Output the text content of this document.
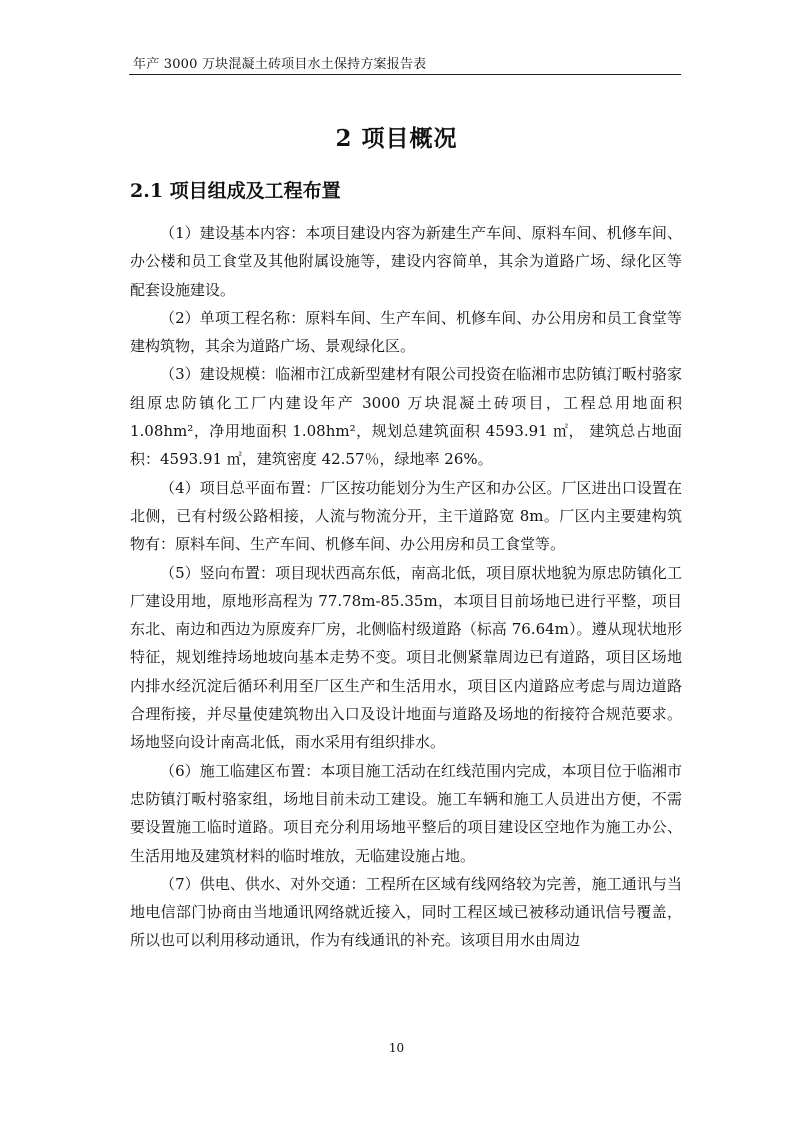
年产 3000 万块混凝土砖项目水土保持方案报告表
2 项目概况
2.1 项目组成及工程布置

（1）建设基本内容：本项目建设内容为新建生产车间、原料车间、机修车间、办公楼和员工食堂及其他附属设施等，建设内容简单，其余为道路广场、绿化区等配套设施建设。

（2）单项工程名称：原料车间、生产车间、机修车间、办公用房和员工食堂等建构筑物，其余为道路广场、景观绿化区。

（3）建设规模：临湘市江成新型建材有限公司投资在临湘市忠防镇汀畈村骆家组原忠防镇化工厂内建设年产 3000 万块混凝土砖项目，工程总用地面积 1.08hm²，净用地面积 1.08hm²，规划总建筑面积 4593.91 ㎡， 建筑总占地面积：4593.91 ㎡，建筑密度 42.57％，绿地率 26%。

（4）项目总平面布置：厂区按功能划分为生产区和办公区。厂区进出口设置在北侧，已有村级公路相接，人流与物流分开，主干道路宽 8m。厂区内主要建构筑物有：原料车间、生产车间、机修车间、办公用房和员工食堂等。

（5）竖向布置：项目现状西高东低，南高北低，项目原状地貌为原忠防镇化工厂建设用地，原地形高程为 77.78m-85.35m，本项目目前场地已进行平整，项目东北、南边和西边为原废弃厂房，北侧临村级道路（标高 76.64m）。遵从现状地形特征，规划维持场地坡向基本走势不变。项目北侧紧靠周边已有道路，项目区场地内排水经沉淀后循环利用至厂区生产和生活用水，项目区内道路应考虑与周边道路合理衔接，并尽量使建筑物出入口及设计地面与道路及场地的衔接符合规范要求。场地竖向设计南高北低，雨水采用有组织排水。

（6）施工临建区布置：本项目施工活动在红线范围内完成，本项目位于临湘市忠防镇汀畈村骆家组，场地目前未动工建设。施工车辆和施工人员进出方便，不需要设置施工临时道路。项目充分利用场地平整后的项目建设区空地作为施工办公、生活用地及建筑材料的临时堆放，无临建设施占地。

（7）供电、供水、对外交通：工程所在区域有线网络较为完善，施工通讯与当地电信部门协商由当地通讯网络就近接入，同时工程区域已被移动通讯信号覆盖，所以也可以利用移动通讯，作为有线通讯的补充。该项目用水由周边

10
